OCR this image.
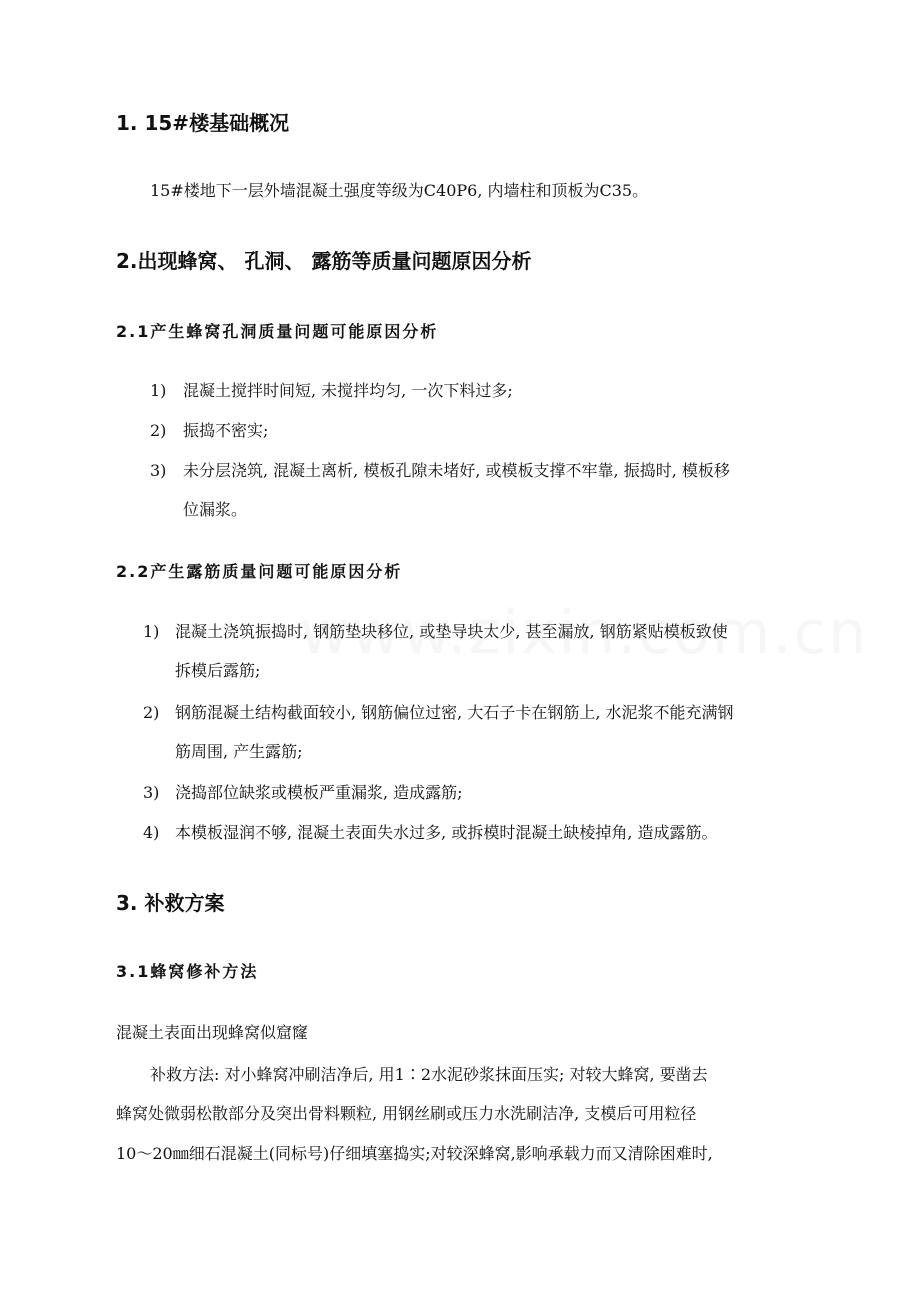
1. 15#楼基础概况
15#楼地下一层外墙混凝土强度等级为C40P6, 内墙柱和顶板为C35。
2.出现蜂窝、 孔洞、 露筋等质量问题原因分析
2.1产生蜂窝孔洞质量问题可能原因分析
1) 混凝土搅拌时间短, 未搅拌均匀, 一次下料过多;
2) 振捣不密实;
3) 未分层浇筑, 混凝土离析, 模板孔隙未堵好, 或模板支撑不牢靠, 振捣时, 模板移
位漏浆。
2.2产生露筋质量问题可能原因分析
1) 混凝土浇筑振捣时, 钢筋垫块移位, 或垫导块太少, 甚至漏放, 钢筋紧贴模板致使
拆模后露筋;
2) 钢筋混凝土结构截面较小, 钢筋偏位过密, 大石子卡在钢筋上, 水泥浆不能充满钢
筋周围, 产生露筋;
3) 浇捣部位缺浆或模板严重漏浆, 造成露筋;
4) 本模板湿润不够, 混凝土表面失水过多, 或拆模时混凝土缺棱掉角, 造成露筋。
3. 补救方案
3.1蜂窝修补方法
混凝土表面出现蜂窝似窟窿
补救方法: 对小蜂窝冲刷洁净后, 用1∶2水泥砂浆抹面压实; 对较大蜂窝, 要凿去
蜂窝处微弱松散部分及突出骨料颗粒, 用钢丝刷或压力水洗刷洁净, 支模后可用粒径
10～20㎜细石混凝土(同标号)仔细填塞捣实;对较深蜂窝,影响承载力而又清除困难时,
